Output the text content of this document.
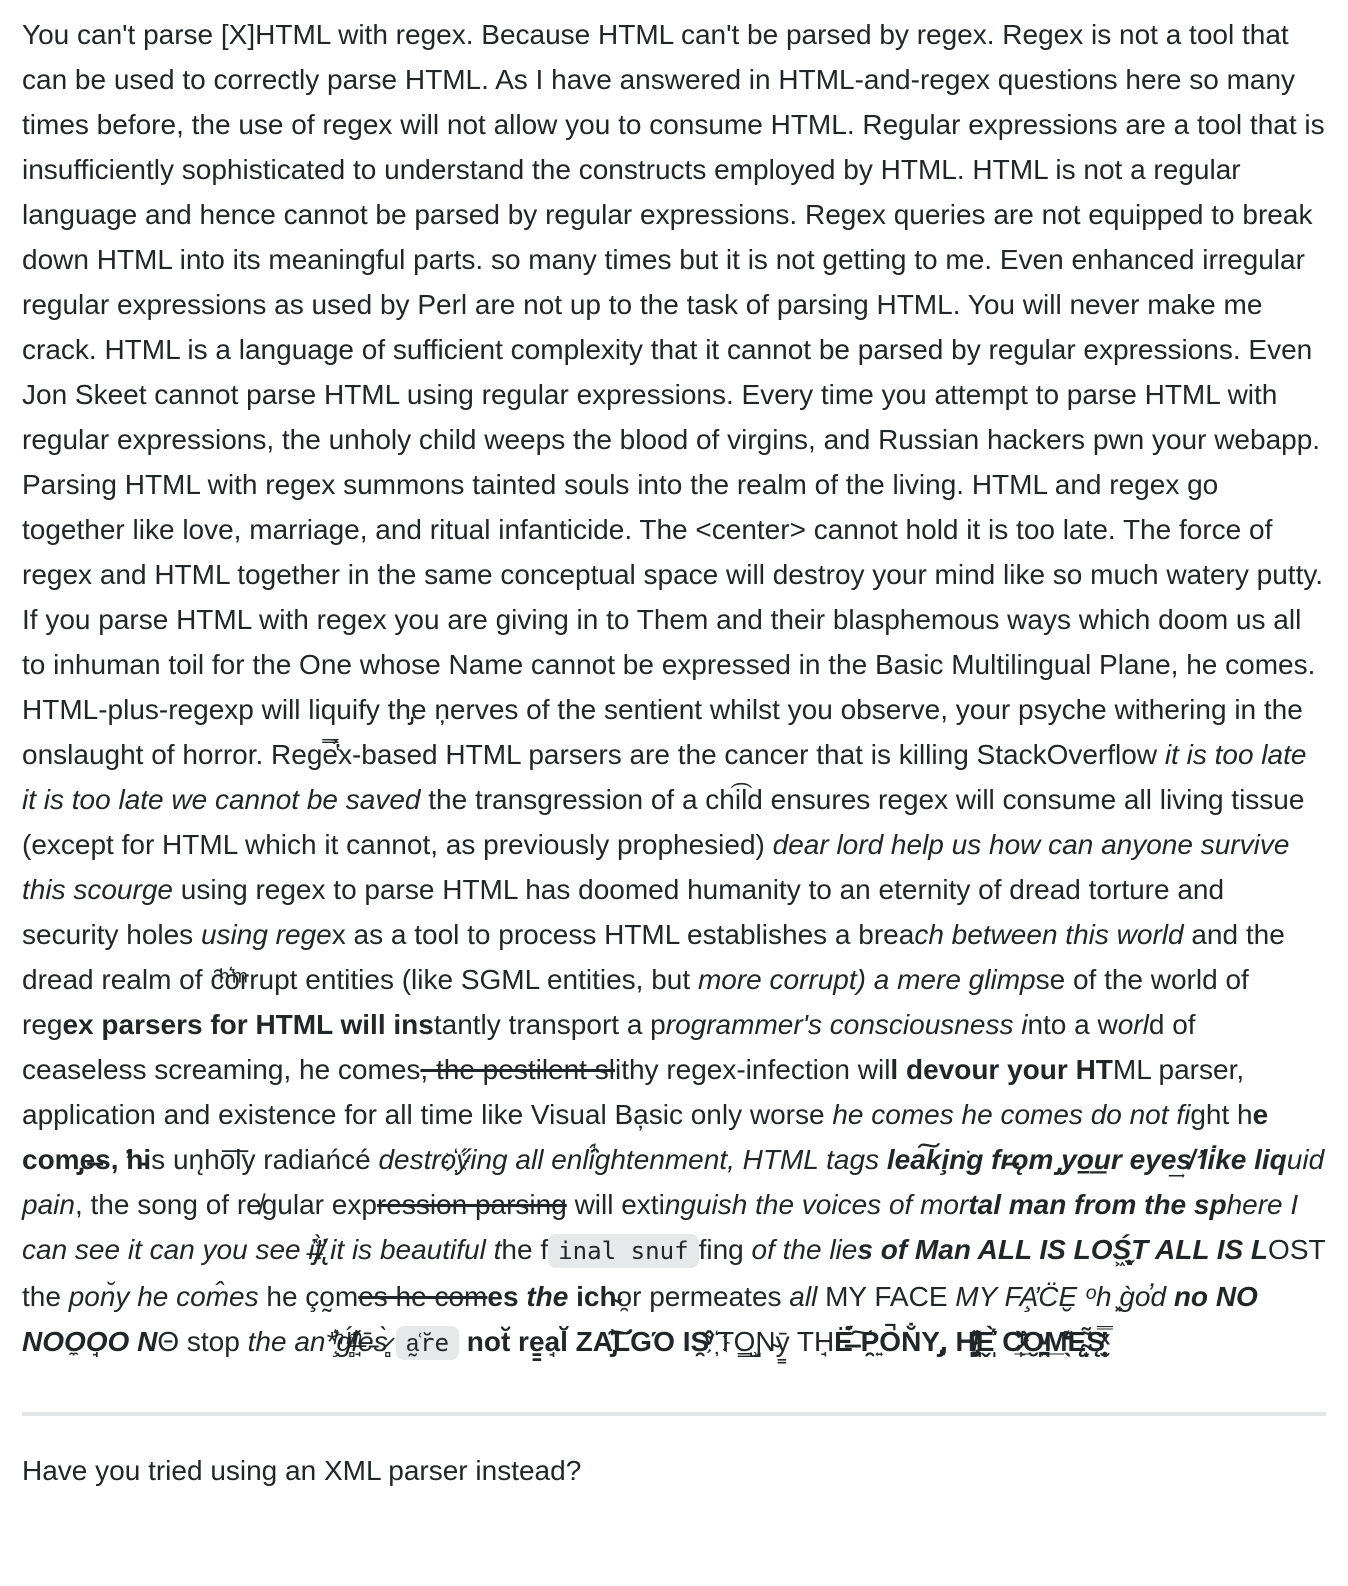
You can't parse [X]HTML with regex. Because HTML can't be parsed by regex. Regex is not a tool that can be used to correctly parse HTML. As I have answered in HTML-and-regex questions here so many times before, the use of regex will not allow you to consume HTML. Regular expressions are a tool that is insufficiently sophisticated to understand the constructs employed by HTML. HTML is not a regular language and hence cannot be parsed by regular expressions. Regex queries are not equipped to break down HTML into its meaningful parts. so many times but it is not getting to me. Even enhanced irregular regular expressions as used by Perl are not up to the task of parsing HTML. You will never make me crack. HTML is a language of sufficient complexity that it cannot be parsed by regular expressions. Even Jon Skeet cannot parse HTML using regular expressions. Every time you attempt to parse HTML with regular expressions, the unholy child weeps the blood of virgins, and Russian hackers pwn your webapp. Parsing HTML with regex summons tainted souls into the realm of the living. HTML and regex go together like love, marriage, and ritual infanticide. The <center> cannot hold it is too late. The force of regex and HTML together in the same conceptual space will destroy your mind like so much watery putty. If you parse HTML with regex you are giving in to Them and their blasphemous ways which doom us all to inhuman toil for the One whose Name cannot be expressed in the Basic Multilingual Plane, he comes. HTML-plus-regexp will liquify th̡e ņerves of the sentient whilst you observe, your psyche withering in the onslaught of horror. Rege̿̔̉x-based HTML parsers are the cancer that is killing StackOverflow it is too late it is too late we cannot be saved the transgression of a chi͡ld ensures regex will consume all living tissue (except for HTML which it cannot, as previously prophesied) dear lord help us how can anyone survive this scourge using regex to parse HTML has doomed humanity to an eternity of dread torture and security holes using regex as a tool to process HTML establishes a breach between this world and the dread realm of c̑ͪo͛ͫrrupt entities (like SGML entities, but more corrupt) a mere glimpse of the world of regex parsers for HTML will instantly transport a programmer's consciousness into a world of ceaseless screaming, he comes, the pestilent slithy regex-infection will devour your HTML parser, application and existence for all time like Visual Ba̦sic only worse he comes he comes do not fight he com̡e̶s, ̕h̵is un̨ho͞ly radiańcé destro҉y̋ing all enli̍̈́̂ghtenment, HTML tags lea͠ki̧n͘g fr̶ǫm ̡yo̠͟ur eye͢s̸ ̛li̇k͏e liquid pain, the song of re̸gular expression parsing will extinguish the voices of mortal man from the sphere I can see it can you see i̶̡̹̍͑t̸̢̛̀̈ it is beautiful the f inal snuf fing of the lies of Man ALL IS LOŚ͖̬̹̙̝T ALL IS LOST the pon̆y he com̂es he ço̰mes he comes the ich̴o̯r permeates all MY FACE MY FA̧̓C̈E̮ ᵒh ͓g̀o̕d no NO NOO̼O̘O NΘ stop the an*̧ͪ͛g̸̻ͫ̈́l̶̘̽ē̵s̷̻̀ a̰͑r̆e not̆ re̳a̘l̆ ZA̡͊͠͝LGΌ IS̯ͮ̂ ҉TO͇̹̺Ɲ̴ȳ̳ TH̘Ë̶́̉͠ P̯͍O̚N̐Y̡, H̸̡̪ͨ͊̽E̬̩̾͛̀ C̷̙̲ͭ̏O̮̪͍ͮM̲̖͊̒Ę̴̟͙͌S̨̥̫̣ͯ̿̔ͅ

Have you tried using an XML parser instead?
